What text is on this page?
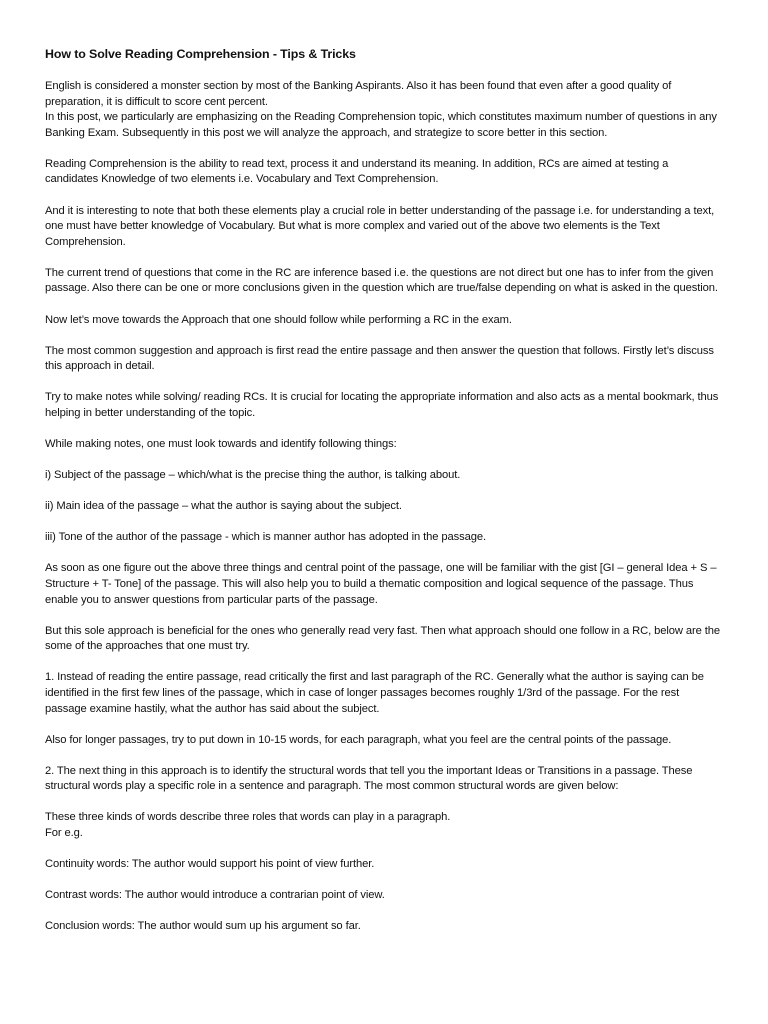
How to Solve Reading Comprehension - Tips & Tricks
English is considered a monster section by most of the Banking Aspirants. Also it has been found that even after a good quality of preparation, it is difficult to score cent percent.
In this post, we particularly are emphasizing on the Reading Comprehension topic, which constitutes maximum number of questions in any Banking Exam. Subsequently in this post we will analyze the approach, and strategize to score better in this section.
Reading Comprehension is the ability to read text, process it and understand its meaning. In addition, RCs are aimed at testing a candidates Knowledge of two elements i.e. Vocabulary and Text Comprehension.
And it is interesting to note that both these elements play a crucial role in better understanding of the passage i.e. for understanding a text, one must have better knowledge of Vocabulary. But what is more complex and varied out of the above two elements is the Text Comprehension.
The current trend of questions that come in the RC are inference based i.e. the questions are not direct but one has to infer from the given passage. Also there can be one or more conclusions given in the question which are true/false depending on what is asked in the question.
Now let’s move towards the Approach that one should follow while performing a RC in the exam.
The most common suggestion and approach is first read the entire passage and then answer the question that follows. Firstly let’s discuss this approach in detail.
Try to make notes while solving/ reading RCs. It is crucial for locating the appropriate information and also acts as a mental bookmark, thus helping in better understanding of the topic.
While making notes, one must look towards and identify following things:
i) Subject of the passage – which/what is the precise thing the author, is talking about.
ii) Main idea of the passage – what the author is saying about the subject.
iii) Tone of the author of the passage - which is manner author has adopted in the passage.
As soon as one figure out the above three things and central point of the passage, one will be familiar with the gist [GI – general Idea + S – Structure + T- Tone] of the passage. This will also help you to build a thematic composition and logical sequence of the passage. Thus enable you to answer questions from particular parts of the passage.
But this sole approach is beneficial for the ones who generally read very fast. Then what approach should one follow in a RC, below are the some of the approaches that one must try.
1. Instead of reading the entire passage, read critically the first and last paragraph of the RC. Generally what the author is saying can be identified in the first few lines of the passage, which in case of longer passages becomes roughly 1/3rd of the passage. For the rest passage examine hastily, what the author has said about the subject.
Also for longer passages, try to put down in 10-15 words, for each paragraph, what you feel are the central points of the passage.
2. The next thing in this approach is to identify the structural words that tell you the important Ideas or Transitions in a passage. These structural words play a specific role in a sentence and paragraph. The most common structural words are given below:
These three kinds of words describe three roles that words can play in a paragraph.
For e.g.
Continuity words: The author would support his point of view further.
Contrast words: The author would introduce a contrarian point of view.
Conclusion words: The author would sum up his argument so far.
